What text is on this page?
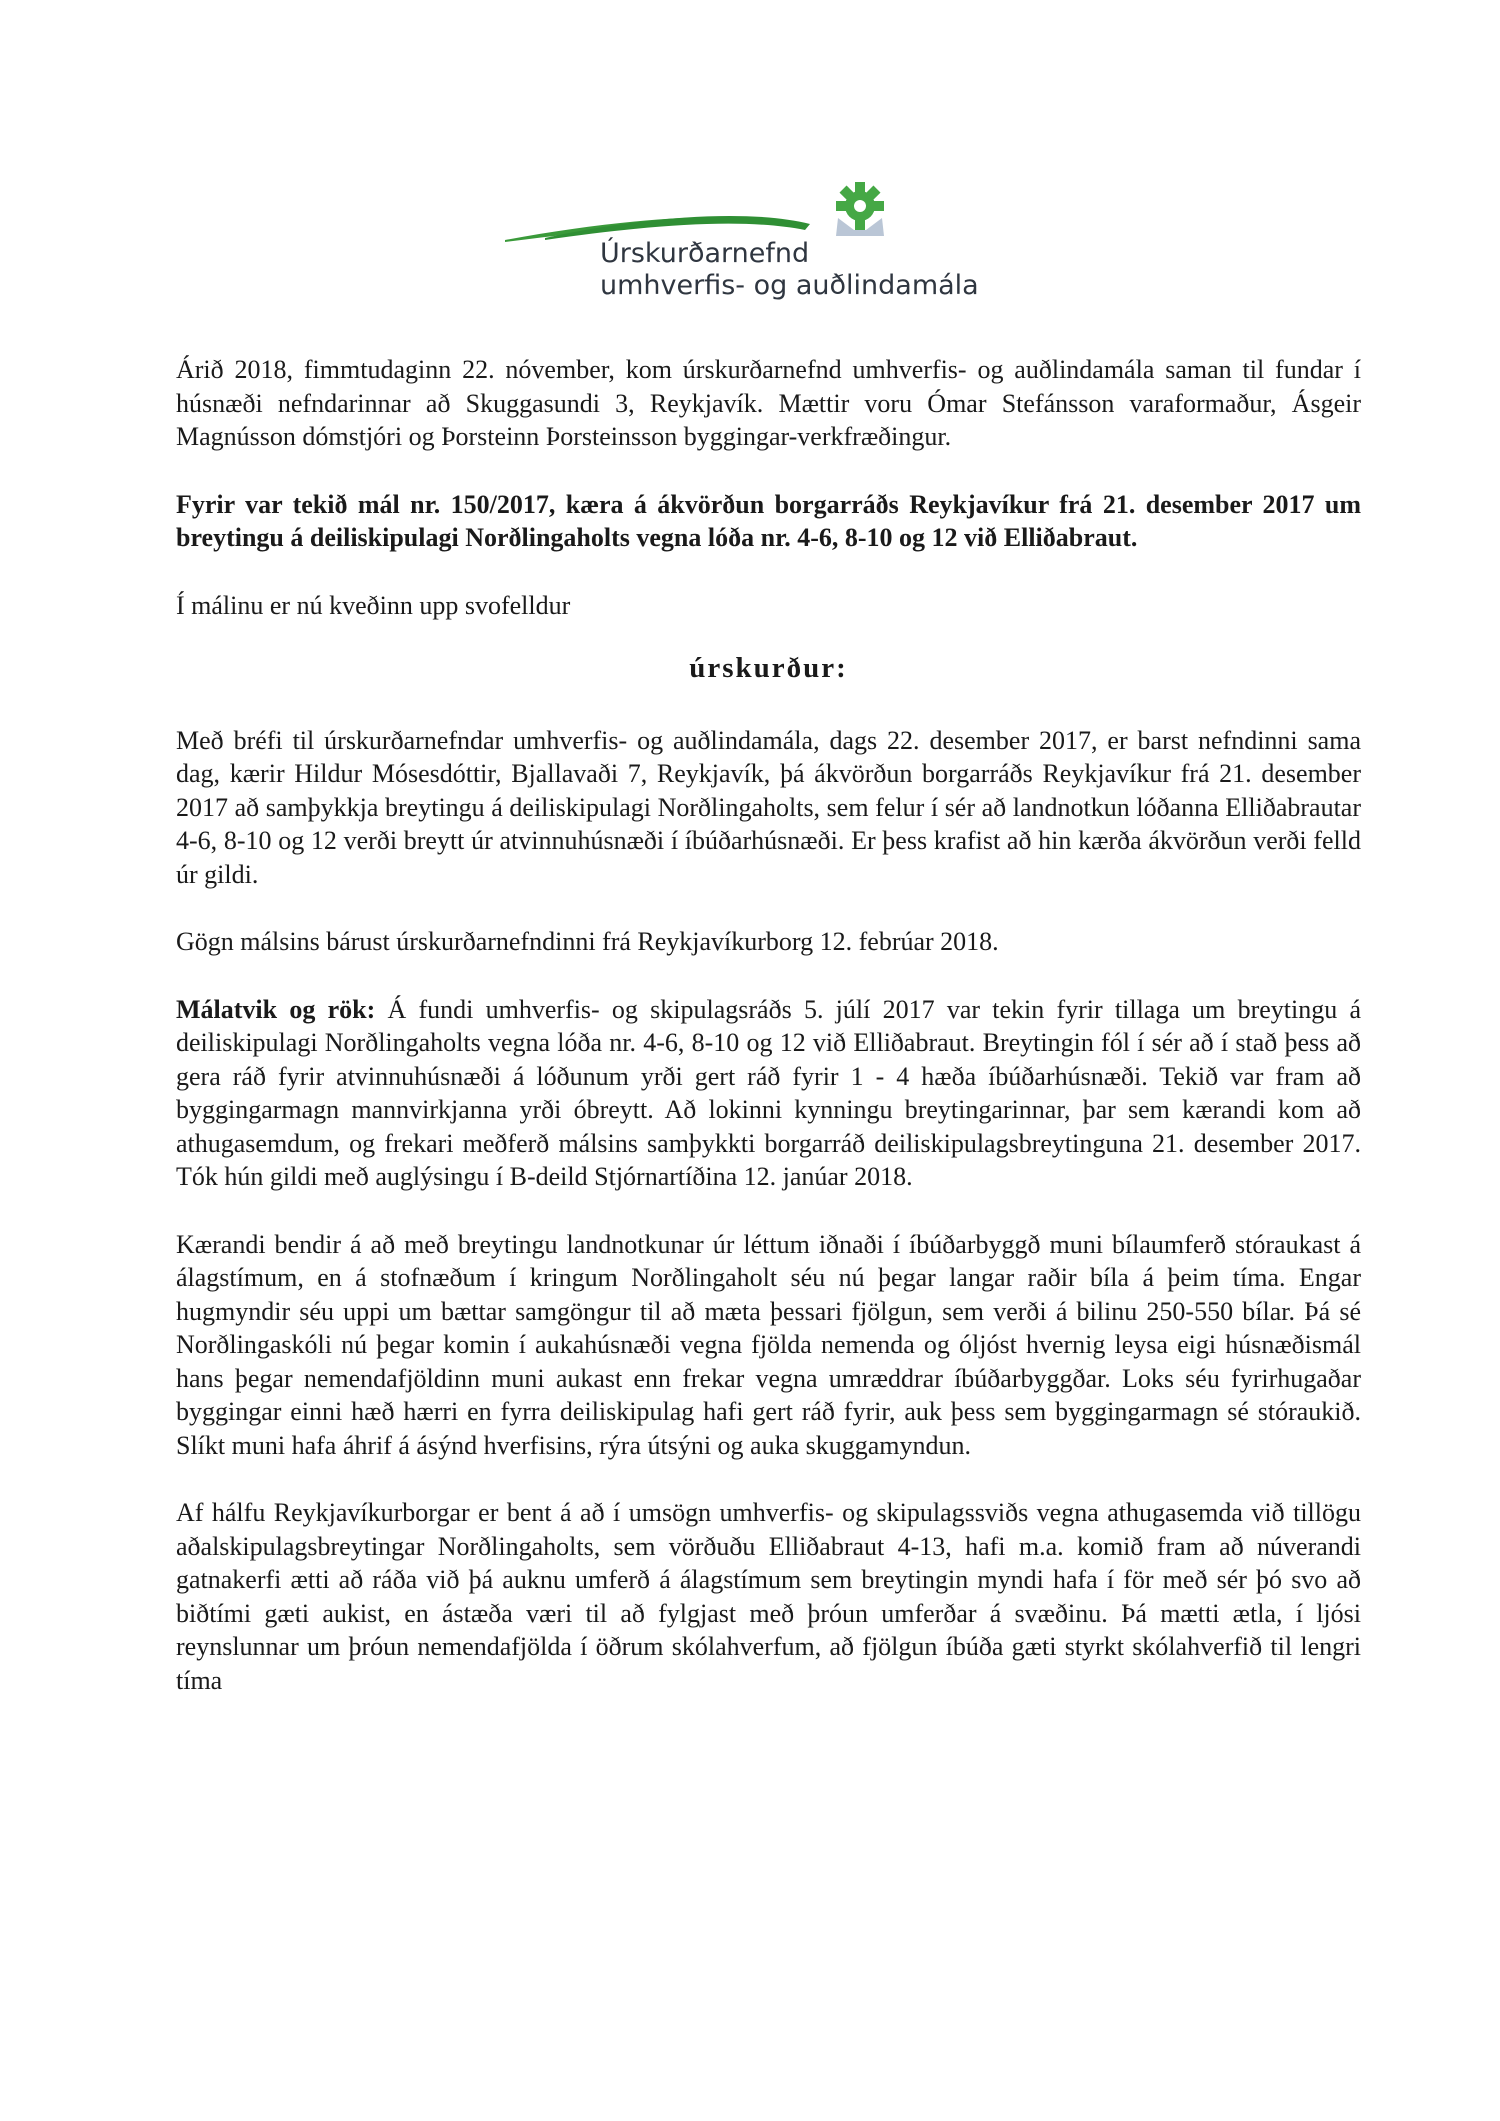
Úrskurðarnefnd
umhverfis- og auðlindamála

Árið 2018, fimmtudaginn 22. nóvember, kom úrskurðarnefnd umhverfis- og auðlindamála saman til fundar í húsnæði nefndarinnar að Skuggasundi 3, Reykjavík. Mættir voru Ómar Stefánsson varaformaður, Ásgeir Magnússon dómstjóri og Þorsteinn Þorsteinsson byggingar-verkfræðingur.

Fyrir var tekið mál nr. 150/2017, kæra á ákvörðun borgarráðs Reykjavíkur frá 21. desember 2017 um breytingu á deiliskipulagi Norðlingaholts vegna lóða nr. 4-6, 8-10 og 12 við Elliðabraut.

Í málinu er nú kveðinn upp svofelldur

úrskurður:

Með bréfi til úrskurðarnefndar umhverfis- og auðlindamála, dags 22. desember 2017, er barst nefndinni sama dag, kærir Hildur Mósesdóttir, Bjallavaði 7, Reykjavík, þá ákvörðun borgarráðs Reykjavíkur frá 21. desember 2017 að samþykkja breytingu á deiliskipulagi Norðlingaholts, sem felur í sér að landnotkun lóðanna Elliðabrautar 4-6, 8-10 og 12 verði breytt úr atvinnuhúsnæði í íbúðarhúsnæði. Er þess krafist að hin kærða ákvörðun verði felld úr gildi.

Gögn málsins bárust úrskurðarnefndinni frá Reykjavíkurborg 12. febrúar 2018.

Málatvik og rök: Á fundi umhverfis- og skipulagsráðs 5. júlí 2017 var tekin fyrir tillaga um breytingu á deiliskipulagi Norðlingaholts vegna lóða nr. 4-6, 8-10 og 12 við Elliðabraut. Breytingin fól í sér að í stað þess að gera ráð fyrir atvinnuhúsnæði á lóðunum yrði gert ráð fyrir 1 - 4 hæða íbúðarhúsnæði. Tekið var fram að byggingarmagn mannvirkjanna yrði óbreytt. Að lokinni kynningu breytingarinnar, þar sem kærandi kom að athugasemdum, og frekari meðferð málsins samþykkti borgarráð deiliskipulagsbreytinguna 21. desember 2017. Tók hún gildi með auglýsingu í B-deild Stjórnartíðina 12. janúar 2018.

Kærandi bendir á að með breytingu landnotkunar úr léttum iðnaði í íbúðarbyggð muni bílaumferð stóraukast á álagstímum, en á stofnæðum í kringum Norðlingaholt séu nú þegar langar raðir bíla á þeim tíma. Engar hugmyndir séu uppi um bættar samgöngur til að mæta þessari fjölgun, sem verði á bilinu 250-550 bílar. Þá sé Norðlingaskóli nú þegar komin í aukahúsnæði vegna fjölda nemenda og óljóst hvernig leysa eigi húsnæðismál hans þegar nemendafjöldinn muni aukast enn frekar vegna umræddrar íbúðarbyggðar. Loks séu fyrirhugaðar byggingar einni hæð hærri en fyrra deiliskipulag hafi gert ráð fyrir, auk þess sem byggingarmagn sé stóraukið. Slíkt muni hafa áhrif á ásýnd hverfisins, rýra útsýni og auka skuggamyndun.

Af hálfu Reykjavíkurborgar er bent á að í umsögn umhverfis- og skipulagssviðs vegna athugasemda við tillögu aðalskipulagsbreytingar Norðlingaholts, sem vörðuðu Elliðabraut 4-13, hafi m.a. komið fram að núverandi gatnakerfi ætti að ráða við þá auknu umferð á álagstímum sem breytingin myndi hafa í för með sér þó svo að biðtími gæti aukist, en ástæða væri til að fylgjast með þróun umferðar á svæðinu. Þá mætti ætla, í ljósi reynslunnar um þróun nemendafjölda í öðrum skólahverfum, að fjölgun íbúða gæti styrkt skólahverfið til lengri tíma
